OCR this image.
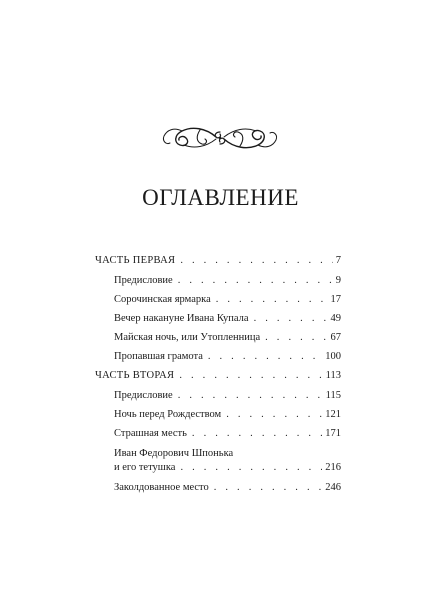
ОГЛАВЛЕНИЕ
ЧАСТЬ ПЕРВАЯ . . .	7
Предисловие . . .	9
Сорочинская ярмарка . . .	17
Вечер накануне Ивана Купала . . .	49
Майская ночь, или Утопленница . . .	67
Пропавшая грамота . . .	100
ЧАСТЬ ВТОРАЯ . . .	113
Предисловие . . .	115
Ночь перед Рождеством . . .	121
Страшная месть . . .	171
Иван Федорович Шпонька
и его тетушка . . .	216
Заколдованное место . . .	246
